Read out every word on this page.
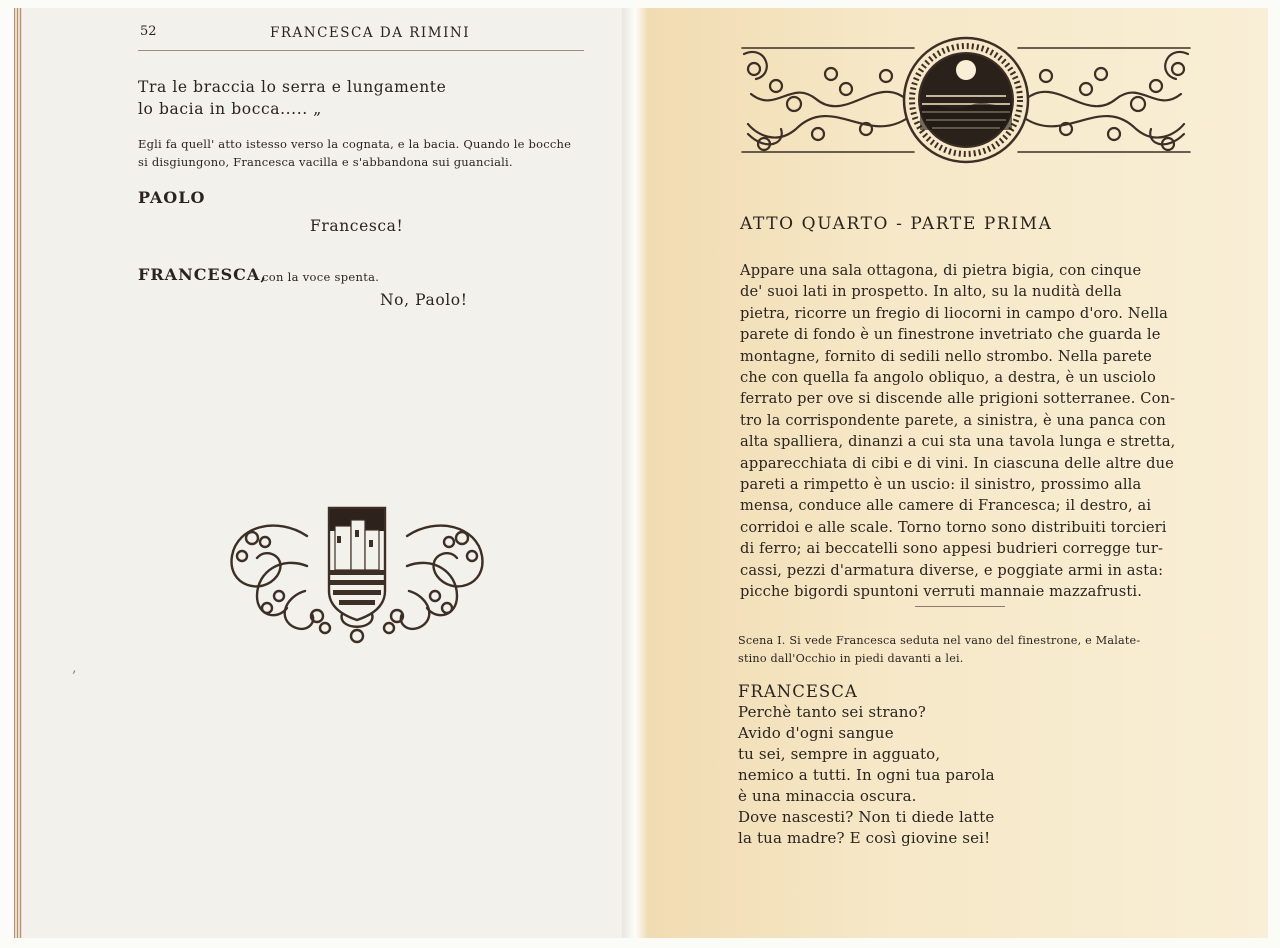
52	FRANCESCA DA RIMINI
Tra le braccia lo serra e lungamente
lo bacia in bocca..... „
Egli fa quell' atto istesso verso la cognata, e la bacia. Quando le bocche
si disgiungono, Francesca vacilla e s'abbandona sui guanciali.
PAOLO
Francesca!
FRANCESCA,
con la voce spenta.
No, Paolo!
‚
ATTO QUARTO - PARTE PRIMA
Appare una sala ottagona, di pietra bigia, con cinque
de' suoi lati in prospetto. In alto, su la nudità della
pietra, ricorre un fregio di liocorni in campo d'oro. Nella
parete di fondo è un finestrone invetriato che guarda le
montagne, fornito di sedili nello strombo. Nella parete
che con quella fa angolo obliquo, a destra, è un usciolo
ferrato per ove si discende alle prigioni sotterranee. Con-
tro la corrispondente parete, a sinistra, è una panca con
alta spalliera, dinanzi a cui sta una tavola lunga e stretta,
apparecchiata di cibi e di vini. In ciascuna delle altre due
pareti a rimpetto è un uscio: il sinistro, prossimo alla
mensa, conduce alle camere di Francesca; il destro, ai
corridoi e alle scale. Torno torno sono distribuiti torcieri
di ferro; ai beccatelli sono appesi budrieri corregge tur-
cassi, pezzi d'armatura diverse, e poggiate armi in asta:
picche bigordi spuntoni verruti mannaie mazzafrusti.
Scena I. Si vede Francesca seduta nel vano del finestrone, e Malate-
stino dall'Occhio in piedi davanti a lei.
FRANCESCA
Perchè tanto sei strano?
Avido d'ogni sangue
tu sei, sempre in agguato,
nemico a tutti. In ogni tua parola
è una minaccia oscura.
Dove nascesti? Non ti diede latte
la tua madre? E così giovine sei!
